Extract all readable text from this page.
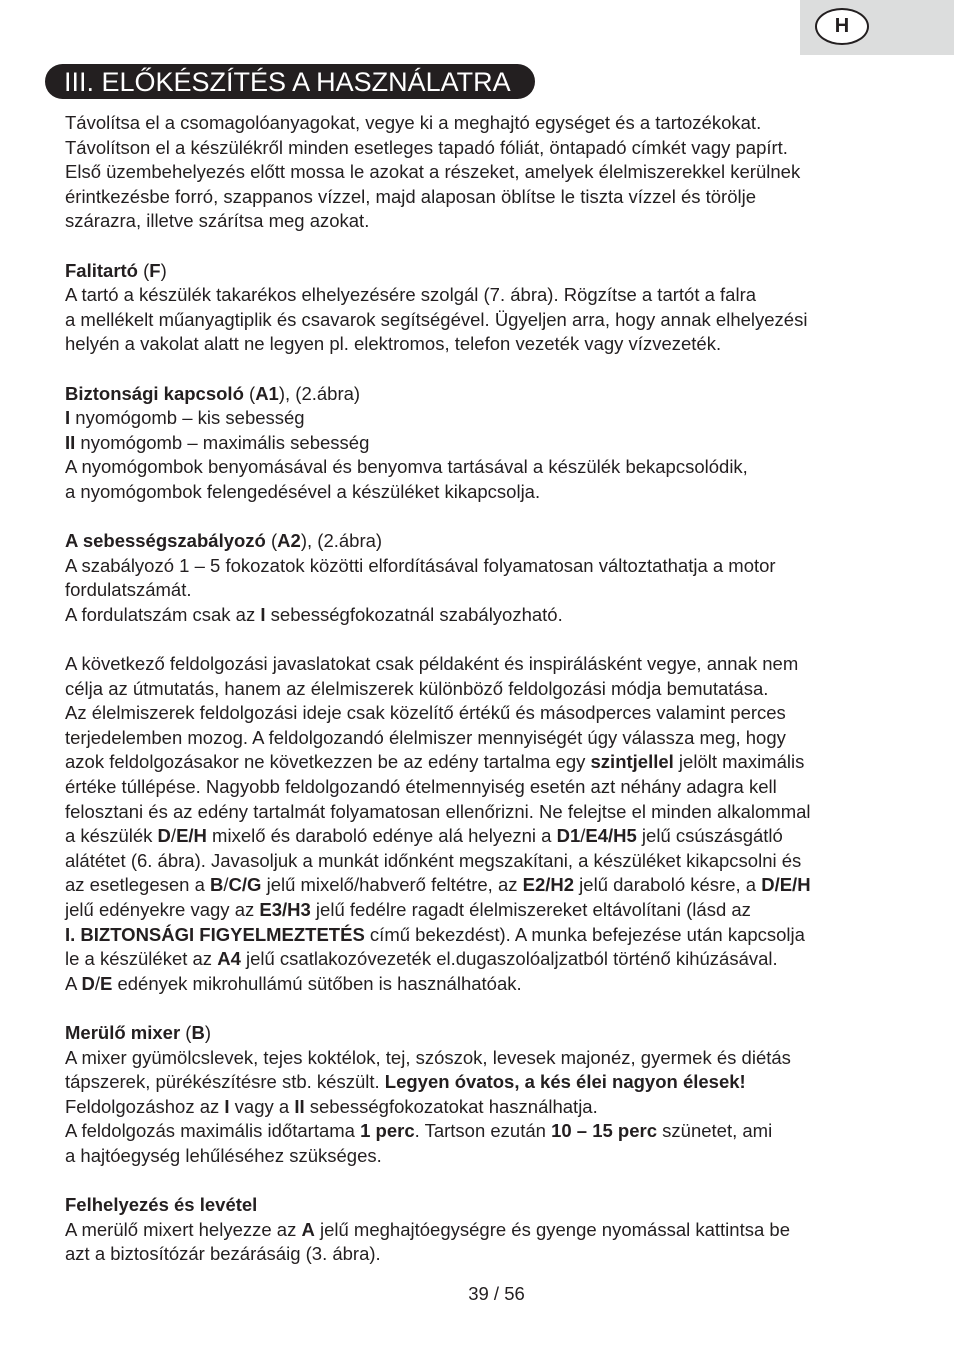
H
III. ELŐKÉSZÍTÉS A HASZNÁLATRA

Távolítsa el a csomagolóanyagokat, vegye ki a meghajtó egységet és a tartozékokat.
Távolítson el a készülékről minden esetleges tapadó fóliát, öntapadó címkét vagy papírt.
Első üzembehelyezés előtt mossa le azokat a részeket, amelyek élelmiszerekkel kerülnek
érintkezésbe forró, szappanos vízzel, majd alaposan öblítse le tiszta vízzel és törölje
szárazra, illetve szárítsa meg azokat.

Falitartó (F)
A tartó a készülék takarékos elhelyezésére szolgál (7. ábra). Rögzítse a tartót a falra
a mellékelt műanyagtiplik és csavarok segítségével. Ügyeljen arra, hogy annak elhelyezési
helyén a vakolat alatt ne legyen pl. elektromos, telefon vezeték vagy vízvezeték.

Biztonsági kapcsoló (A1), (2.ábra)
I nyomógomb – kis sebesség
II nyomógomb – maximális sebesség
A nyomógombok benyomásával és benyomva tartásával a készülék bekapcsolódik,
a nyomógombok felengedésével a készüléket kikapcsolja.

A sebességszabályozó (A2), (2.ábra)
A szabályozó 1 – 5 fokozatok közötti elfordításával folyamatosan változtathatja a motor
fordulatszámát.
A fordulatszám csak az I sebességfokozatnál szabályozható.

A következő feldolgozási javaslatokat csak példaként és inspirálásként vegye, annak nem
célja az útmutatás, hanem az élelmiszerek különböző feldolgozási módja bemutatása.
Az élelmiszerek feldolgozási ideje csak közelítő értékű és másodperces valamint perces
terjedelemben mozog. A feldolgozandó élelmiszer mennyiségét úgy válassza meg, hogy
azok feldolgozásakor ne következzen be az edény tartalma egy szintjellel jelölt maximális
értéke túllépése. Nagyobb feldolgozandó ételmennyiség esetén azt néhány adagra kell
felosztani és az edény tartalmát folyamatosan ellenőrizni. Ne felejtse el minden alkalommal
a készülék D/E/H mixelő és daraboló edénye alá helyezni a D1/E4/H5 jelű csúszásgátló
alátétet (6. ábra). Javasoljuk a munkát időnként megszakítani, a készüléket kikapcsolni és
az esetlegesen a B/C/G jelű mixelő/habverő feltétre, az E2/H2 jelű daraboló késre, a D/E/H
jelű edényekre vagy az E3/H3 jelű fedélre ragadt élelmiszereket eltávolítani (lásd az
I. BIZTONSÁGI FIGYELMEZTETÉS című bekezdést). A munka befejezése után kapcsolja
le a készüléket az A4 jelű csatlakozóvezeték el.dugaszolóaljzatból történő kihúzásával.
A D/E edények mikrohullámú sütőben is használhatóak.

Merülő mixer (B)
A mixer gyümölcslevek, tejes koktélok, tej, szószok, levesek majonéz, gyermek és diétás
tápszerek, pürékészítésre stb. készült. Legyen óvatos, a kés élei nagyon élesek!
Feldolgozáshoz az I vagy a II sebességfokozatokat használhatja.
A feldolgozás maximális időtartama 1 perc. Tartson ezután 10 – 15 perc szünetet, ami
a hajtóegység lehűléséhez szükséges.

Felhelyezés és levétel
A merülő mixert helyezze az A jelű meghajtóegységre és gyenge nyomással kattintsa be
azt a biztosítózár bezárásáig (3. ábra).

39 / 56
